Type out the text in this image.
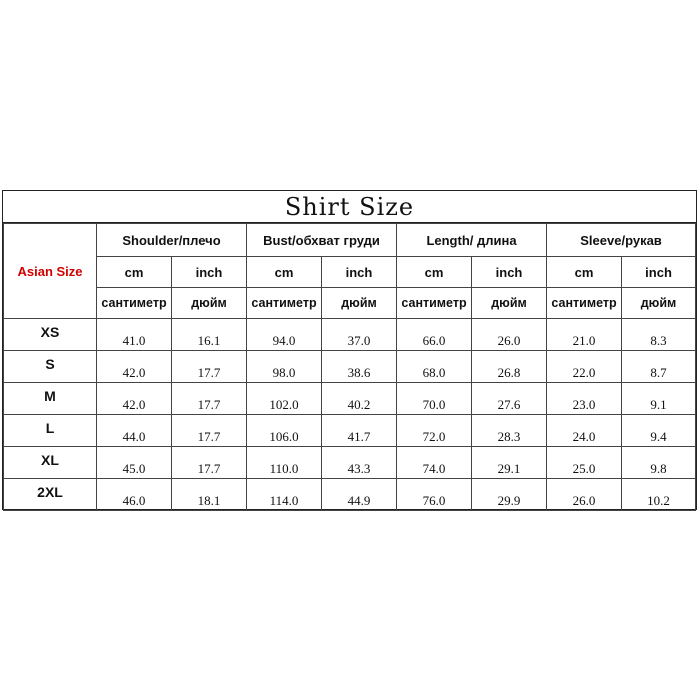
Shirt Size
Asian Size	Shoulder/плечо		Bust/обхват груди		Length/ длина		Sleeve/рукав	
	cm	inch	cm	inch	cm	inch	cm	inch
	сантиметр	дюйм	сантиметр	дюйм	сантиметр	дюйм	сантиметр	дюйм
XS	41.0	16.1	94.0	37.0	66.0	26.0	21.0	8.3
S	42.0	17.7	98.0	38.6	68.0	26.8	22.0	8.7
M	42.0	17.7	102.0	40.2	70.0	27.6	23.0	9.1
L	44.0	17.7	106.0	41.7	72.0	28.3	24.0	9.4
XL	45.0	17.7	110.0	43.3	74.0	29.1	25.0	9.8
2XL	46.0	18.1	114.0	44.9	76.0	29.9	26.0	10.2
